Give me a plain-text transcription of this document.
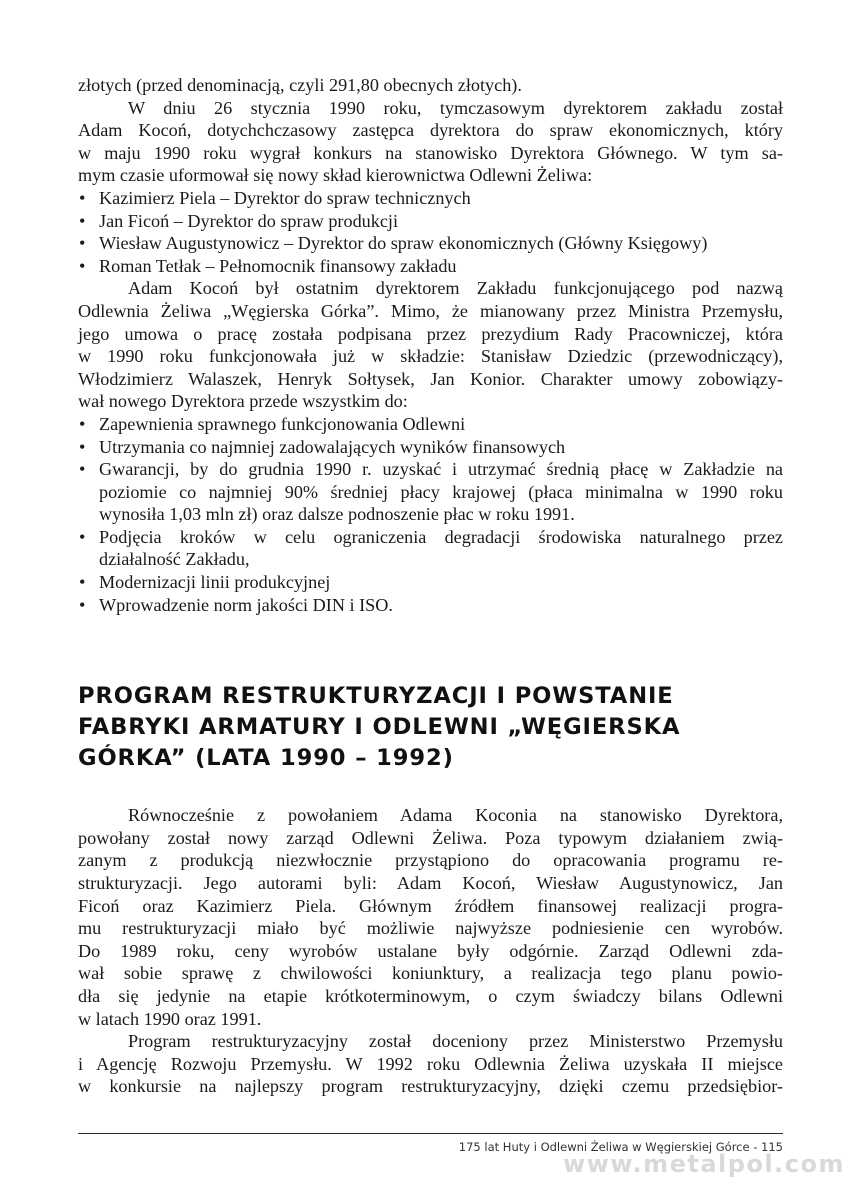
złotych (przed denominacją, czyli 291,80 obecnych złotych).
W dniu 26 stycznia 1990 roku, tymczasowym dyrektorem zakładu został
Adam Kocoń, dotychchczasowy zastępca dyrektora do spraw ekonomicznych, który
w maju 1990 roku wygrał konkurs na stanowisko Dyrektora Głównego. W tym sa-
mym czasie uformował się nowy skład kierownictwa Odlewni Żeliwa:
• Kazimierz Piela – Dyrektor do spraw technicznych
• Jan Ficoń – Dyrektor do spraw produkcji
• Wiesław Augustynowicz – Dyrektor do spraw ekonomicznych (Główny Księgowy)
• Roman Tetłak – Pełnomocnik finansowy zakładu
Adam Kocoń był ostatnim dyrektorem Zakładu funkcjonującego pod nazwą
Odlewnia Żeliwa „Węgierska Górka”. Mimo, że mianowany przez Ministra Przemysłu,
jego umowa o pracę została podpisana przez prezydium Rady Pracowniczej, która
w 1990 roku funkcjonowała już w składzie: Stanisław Dziedzic (przewodniczący),
Włodzimierz Walaszek, Henryk Sołtysek, Jan Konior. Charakter umowy zobowiązy-
wał nowego Dyrektora przede wszystkim do:
• Zapewnienia sprawnego funkcjonowania Odlewni
• Utrzymania co najmniej zadowalających wyników finansowych
• Gwarancji, by do grudnia 1990 r. uzyskać i utrzymać średnią płacę w Zakładzie na
poziomie co najmniej 90% średniej płacy krajowej (płaca minimalna w 1990 roku
wynosiła 1,03 mln zł) oraz dalsze podnoszenie płac w roku 1991.
• Podjęcia kroków w celu ograniczenia degradacji środowiska naturalnego przez
działalność Zakładu,
• Modernizacji linii produkcyjnej
• Wprowadzenie norm jakości DIN i ISO.
PROGRAM RESTRUKTURYZACJI I POWSTANIE
FABRYKI ARMATURY I ODLEWNI „WĘGIERSKA
GÓRKA” (LATA 1990 – 1992)
Równocześnie z powołaniem Adama Koconia na stanowisko Dyrektora,
powołany został nowy zarząd Odlewni Żeliwa. Poza typowym działaniem zwią-
zanym z produkcją niezwłocznie przystąpiono do opracowania programu re-
strukturyzacji. Jego autorami byli: Adam Kocoń, Wiesław Augustynowicz, Jan
Ficoń oraz Kazimierz Piela. Głównym źródłem finansowej realizacji progra-
mu restrukturyzacji miało być możliwie najwyższe podniesienie cen wyrobów.
Do 1989 roku, ceny wyrobów ustalane były odgórnie. Zarząd Odlewni zda-
wał sobie sprawę z chwilowości koniunktury, a realizacja tego planu powio-
dła się jedynie na etapie krótkoterminowym, o czym świadczy bilans Odlewni
w latach 1990 oraz 1991.
Program restrukturyzacyjny został doceniony przez Ministerstwo Przemysłu
i Agencję Rozwoju Przemysłu. W 1992 roku Odlewnia Żeliwa uzyskała II miejsce
w konkursie na najlepszy program restrukturyzacyjny, dzięki czemu przedsiębior-
175 lat Huty i Odlewni Żeliwa w Węgierskiej Górce - 115
www.metalpol.com
